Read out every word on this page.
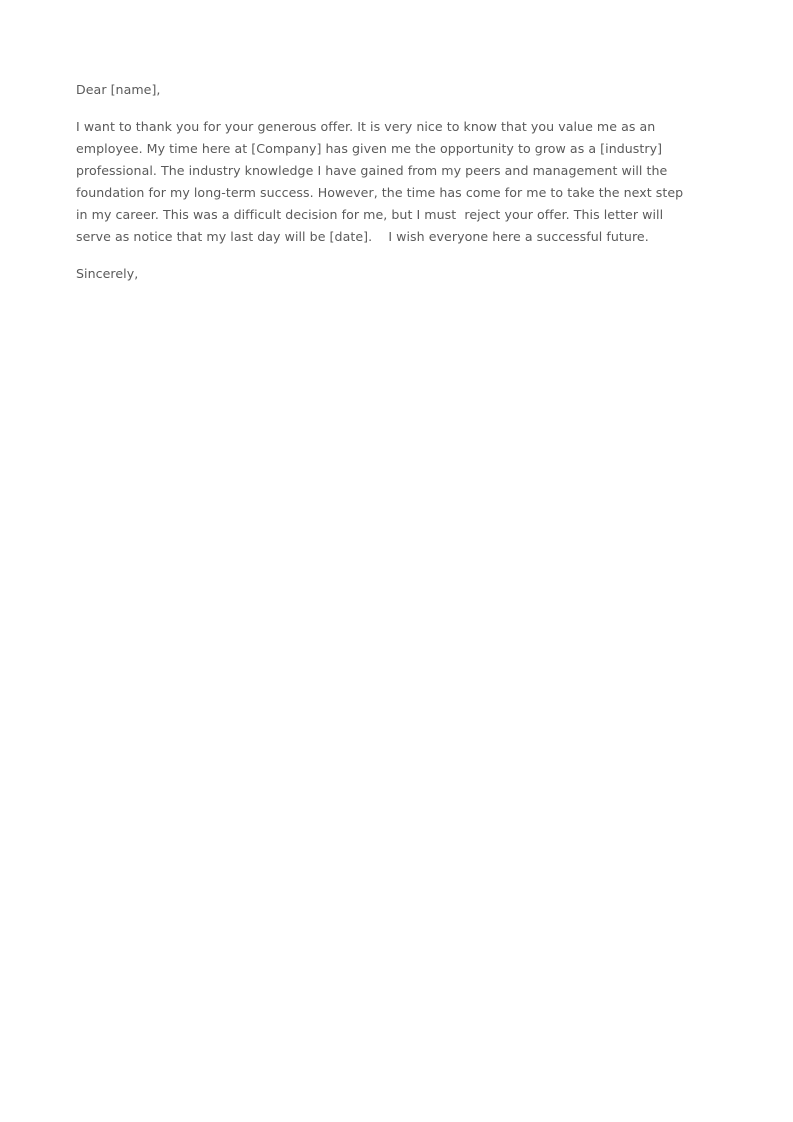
Dear [name],

I want to thank you for your generous offer. It is very nice to know that you value me as an
employee. My time here at [Company] has given me the opportunity to grow as a [industry]
professional. The industry knowledge I have gained from my peers and management will the
foundation for my long-term success. However, the time has come for me to take the next step
in my career. This was a difficult decision for me, but I must  reject your offer. This letter will
serve as notice that my last day will be [date].    I wish everyone here a successful future.

Sincerely,
